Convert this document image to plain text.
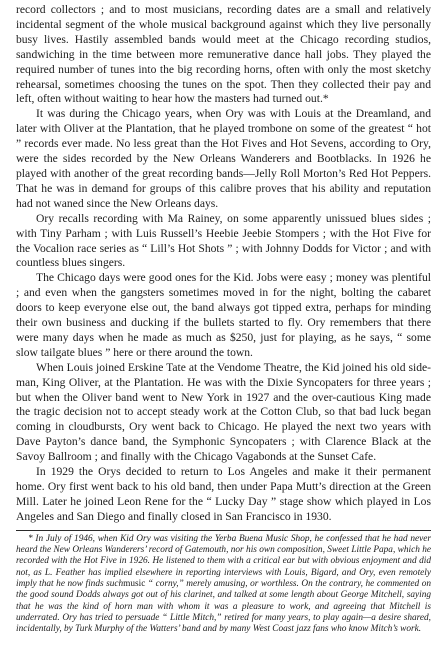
record collectors ; and to most musicians, recording dates are a small and relatively incidental segment of the whole musical background against which they live personally busy lives. Hastily assembled bands would meet at the Chicago recording studios, sandwiching in the time between more remunerative dance hall jobs. They played the required number of tunes into the big recording horns, often with only the most sketchy rehearsal, sometimes choosing the tunes on the spot. Then they collected their pay and left, often without waiting to hear how the masters had turned out.*

It was during the Chicago years, when Ory was with Louis at the Dreamland, and later with Oliver at the Plantation, that he played trombone on some of the greatest “ hot ” records ever made. No less great than the Hot Fives and Hot Sevens, according to Ory, were the sides recorded by the New Orleans Wanderers and Bootblacks. In 1926 he played with another of the great recording bands—Jelly Roll Morton’s Red Hot Peppers. That he was in demand for groups of this calibre proves that his ability and reputation had not waned since the New Orleans days.

Ory recalls recording with Ma Rainey, on some apparently unissued blues sides ; with Tiny Parham ; with Luis Russell’s Heebie Jeebie Stompers ; with the Hot Five for the Vocalion race series as “ Lill’s Hot Shots ” ; with Johnny Dodds for Victor ; and with countless blues singers.

The Chicago days were good ones for the Kid. Jobs were easy ; money was plentiful ; and even when the gangsters sometimes moved in for the night, bolting the cabaret doors to keep everyone else out, the band always got tipped extra, perhaps for minding their own business and ducking if the bullets started to fly. Ory remembers that there were many days when he made as much as $250, just for playing, as he says, “ some slow tailgate blues ” here or there around the town.

When Louis joined Erskine Tate at the Vendome Theatre, the Kid joined his old side-man, King Oliver, at the Plantation. He was with the Dixie Syncopaters for three years ; but when the Oliver band went to New York in 1927 and the over-cautious King made the tragic decision not to accept steady work at the Cotton Club, so that bad luck began coming in cloudbursts, Ory went back to Chicago. He played the next two years with Dave Payton’s dance band, the Symphonic Syncopaters ; with Clarence Black at the Savoy Ballroom ; and finally with the Chicago Vagabonds at the Sunset Cafe.

In 1929 the Orys decided to return to Los Angeles and make it their permanent home. Ory first went back to his old band, then under Papa Mutt’s direction at the Green Mill. Later he joined Leon Rene for the “ Lucky Day ” stage show which played in Los Angeles and San Diego and finally closed in San Francisco in 1930.

* In July of 1946, when Kid Ory was visiting the Yerba Buena Music Shop, he confessed that he had never heard the New Orleans Wanderers’ record of Gatemouth, nor his own composition, Sweet Little Papa, which he recorded with the Hot Five in 1926. He listened to them with a critical ear but with obvious enjoyment and did not, as L. Feather has implied elsewhere in reporting interviews with Louis, Bigard, and Ory, even remotely imply that he now finds suchmusic “ corny,” merely amusing, or worthless. On the contrary, he commented on the good sound Dodds always got out of his clarinet, and talked at some length about George Mitchell, saying that he was the kind of horn man with whom it was a pleasure to work, and agreeing that Mitchell is underrated. Ory has tried to persuade “ Little Mitch,” retired for many years, to play again—a desire shared, incidentally, by Turk Murphy of the Watters’ band and by many West Coast jazz fans who know Mitch’s work.
